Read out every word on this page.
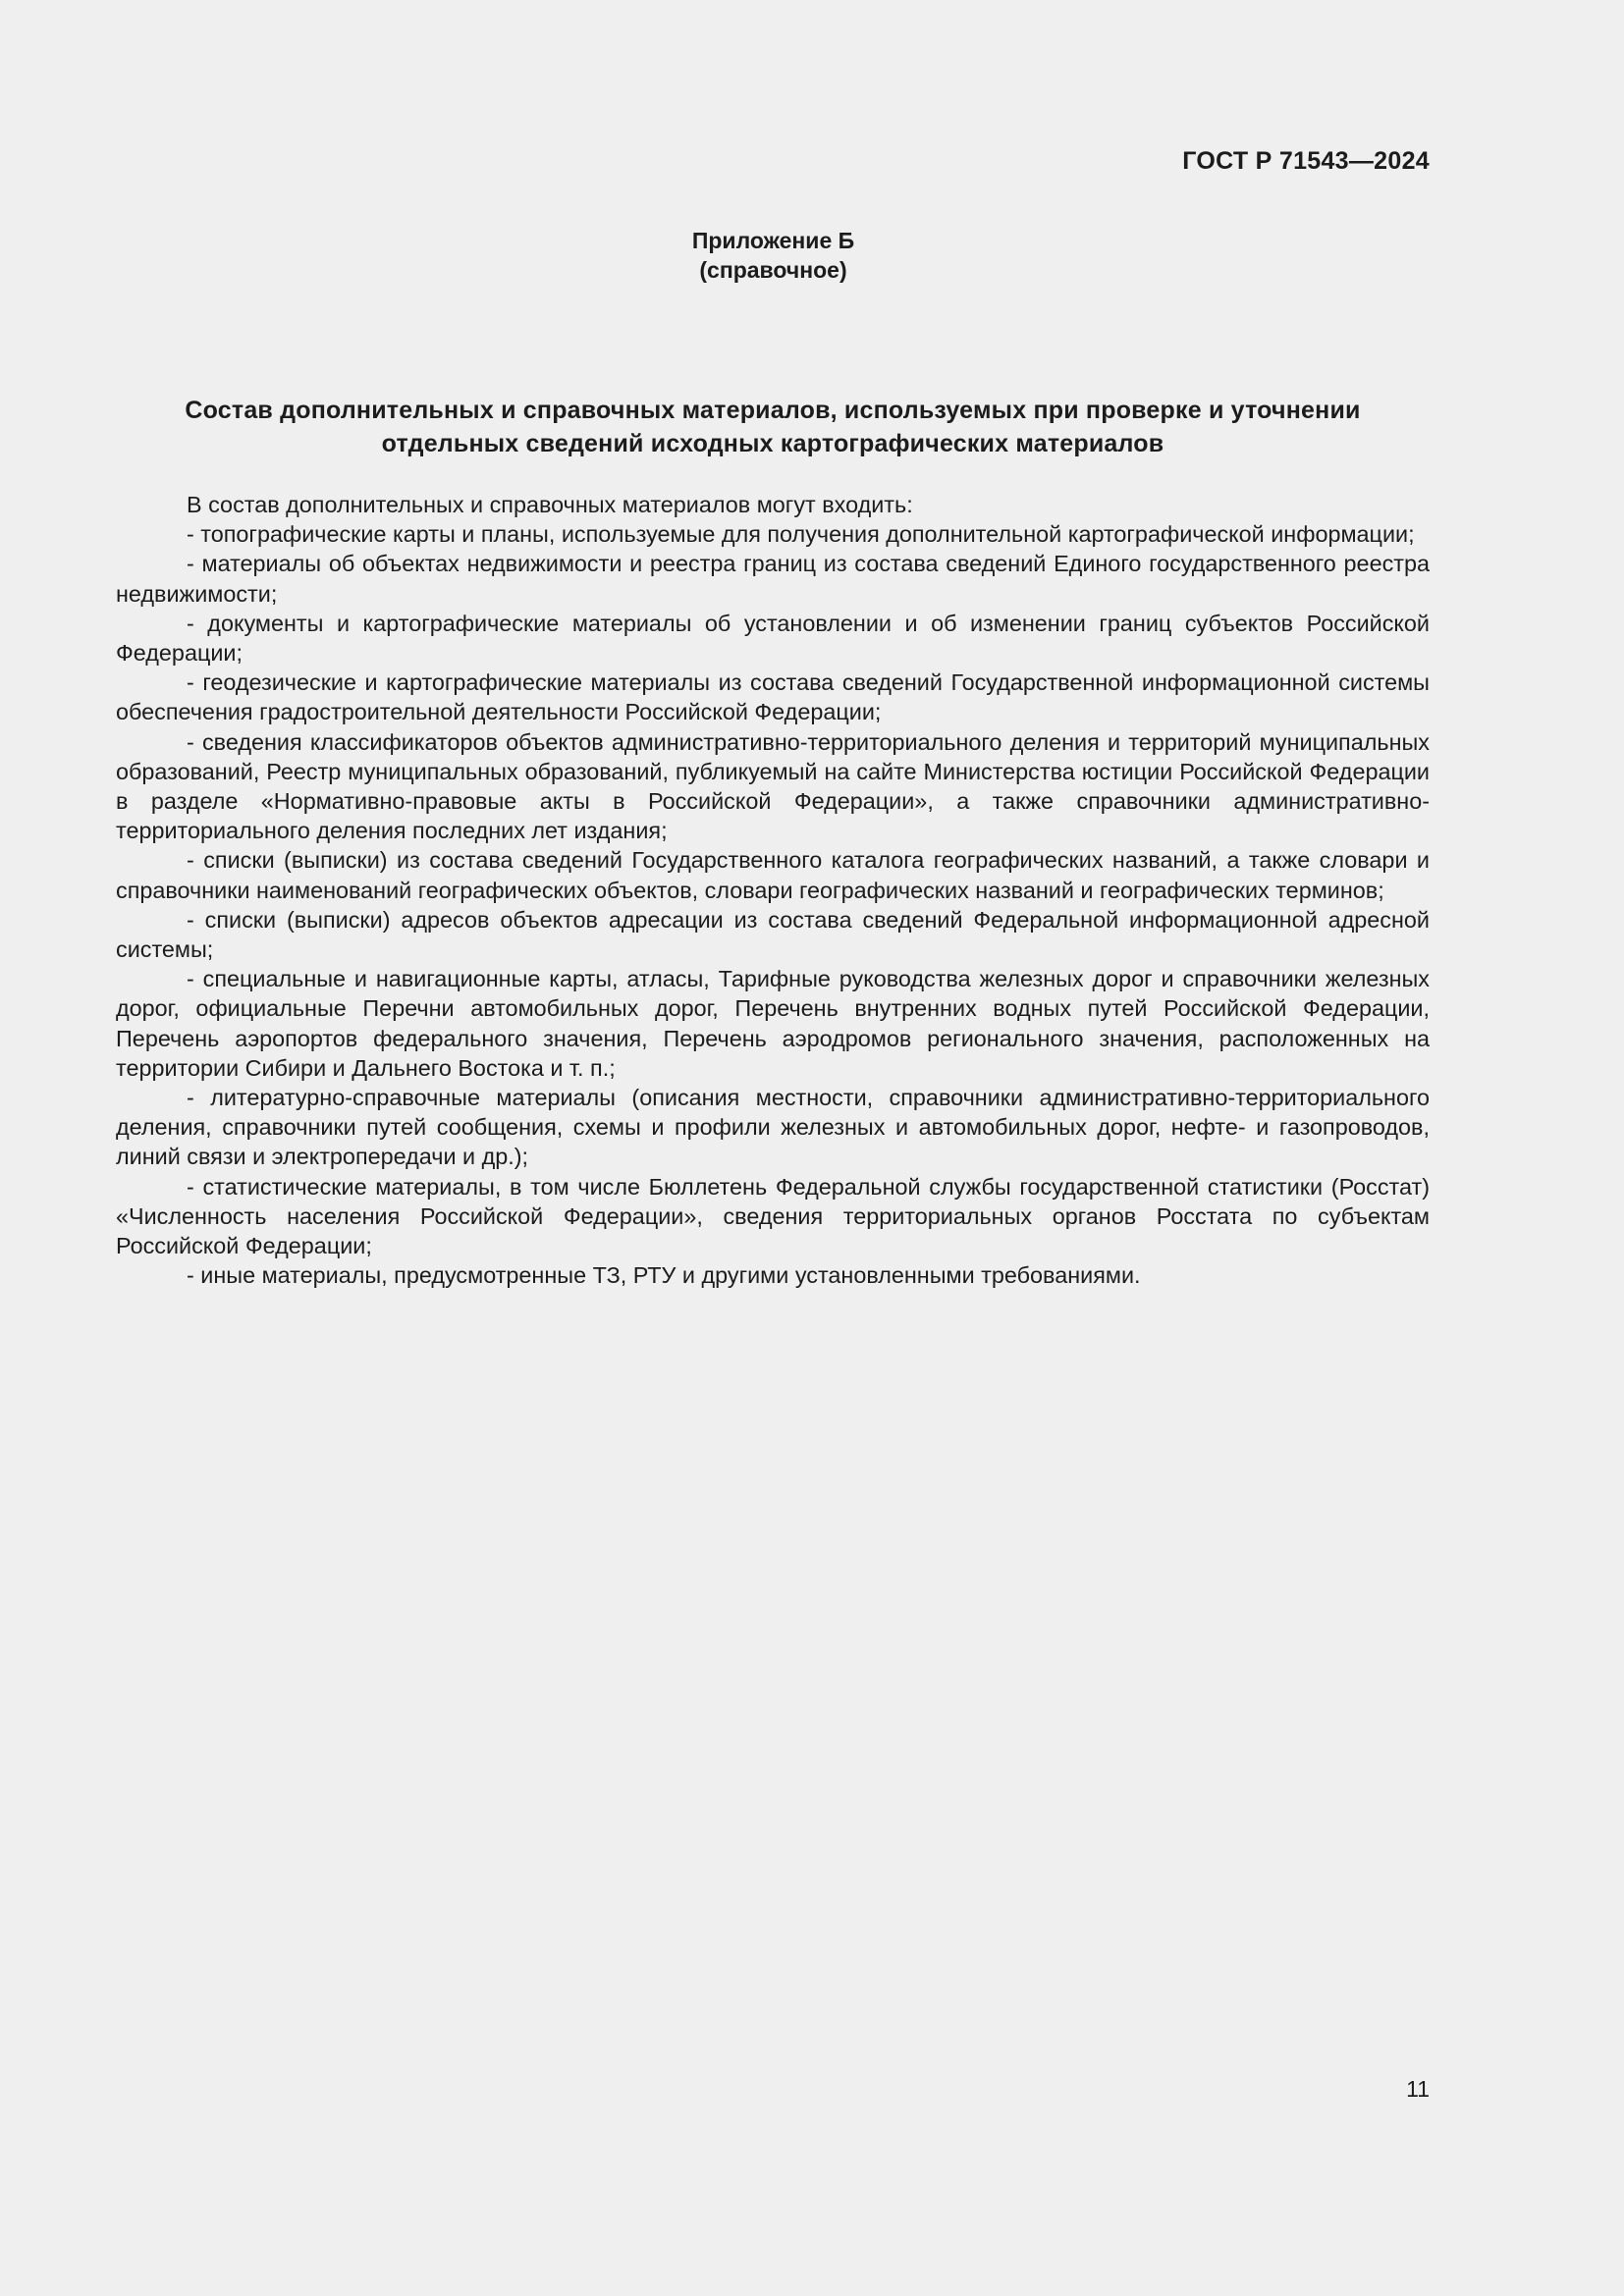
ГОСТ Р 71543—2024
Приложение Б
(справочное)
Состав дополнительных и справочных материалов, используемых при проверке и уточнении отдельных сведений исходных картографических материалов

В состав дополнительных и справочных материалов могут входить:

- топографические карты и планы, используемые для получения дополнительной картографической информации;

- материалы об объектах недвижимости и реестра границ из состава сведений Единого государственного реестра недвижимости;

- документы и картографические материалы об установлении и об изменении границ субъектов Российской Федерации;

- геодезические и картографические материалы из состава сведений Государственной информационной системы обеспечения градостроительной деятельности Российской Федерации;

- сведения классификаторов объектов административно-территориального деления и территорий муниципальных образований, Реестр муниципальных образований, публикуемый на сайте Министерства юстиции Российской Федерации в разделе «Нормативно-правовые акты в Российской Федерации», а также справочники административно-территориального деления последних лет издания;

- списки (выписки) из состава сведений Государственного каталога географических названий, а также словари и справочники наименований географических объектов, словари географических названий и географических терминов;

- списки (выписки) адресов объектов адресации из состава сведений Федеральной информационной адресной системы;

- специальные и навигационные карты, атласы, Тарифные руководства железных дорог и справочники железных дорог, официальные Перечни автомобильных дорог, Перечень внутренних водных путей Российской Федерации, Перечень аэропортов федерального значения, Перечень аэродромов регионального значения, расположенных на территории Сибири и Дальнего Востока и т. п.;

- литературно-справочные материалы (описания местности, справочники административно-территориального деления, справочники путей сообщения, схемы и профили железных и автомобильных дорог, нефте- и газопроводов, линий связи и электропередачи и др.);

- статистические материалы, в том числе Бюллетень Федеральной службы государственной статистики (Росстат) «Численность населения Российской Федерации», сведения территориальных органов Росстата по субъектам Российской Федерации;

- иные материалы, предусмотренные ТЗ, РТУ и другими установленными требованиями.

11
